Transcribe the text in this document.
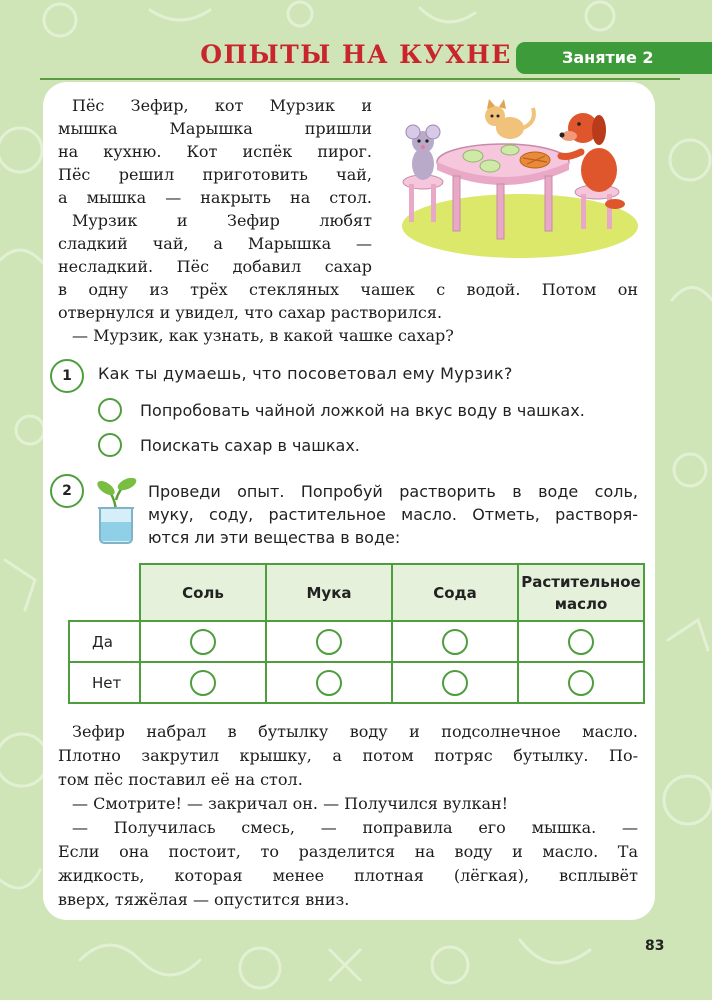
ОПЫТЫ НА КУХНЕ	Занятие 2

Пёс Зефир, кот Мурзик и
мышка Марышка пришли
на кухню. Кот испёк пирог.
Пёс решил приготовить чай,
а мышка — накрыть на стол.
Мурзик и Зефир любят
сладкий чай, а Марышка —
несладкий. Пёс добавил сахар

в одну из трёх стекляных чашек с водой. Потом он
отвернулся и увидел, что сахар растворился.
— Мурзик, как узнать, в какой чашке сахар?

1	Как ты думаешь, что посоветовал ему Мурзик?

Попробовать чайной ложкой на вкус воду в чашках.

Поискать сахар в чашках.

2	Проведи опыт. Попробуй растворить в воде соль,
муку, соду, растительное масло. Отметь, растворя-
ются ли эти вещества в воде:

	Соль	Мука	Сода	Растительное масло
Да				
Нет				

Зефир набрал в бутылку воду и подсолнечное масло.
Плотно закрутил крышку, а потом потряс бутылку. По-
том пёс поставил её на стол.
— Смотрите! — закричал он. — Получился вулкан!
— Получилась смесь, — поправила его мышка. —
Если она постоит, то разделится на воду и масло. Та
жидкость, которая менее плотная (лёгкая), всплывёт
вверх, тяжёлая — опустится вниз.

83
